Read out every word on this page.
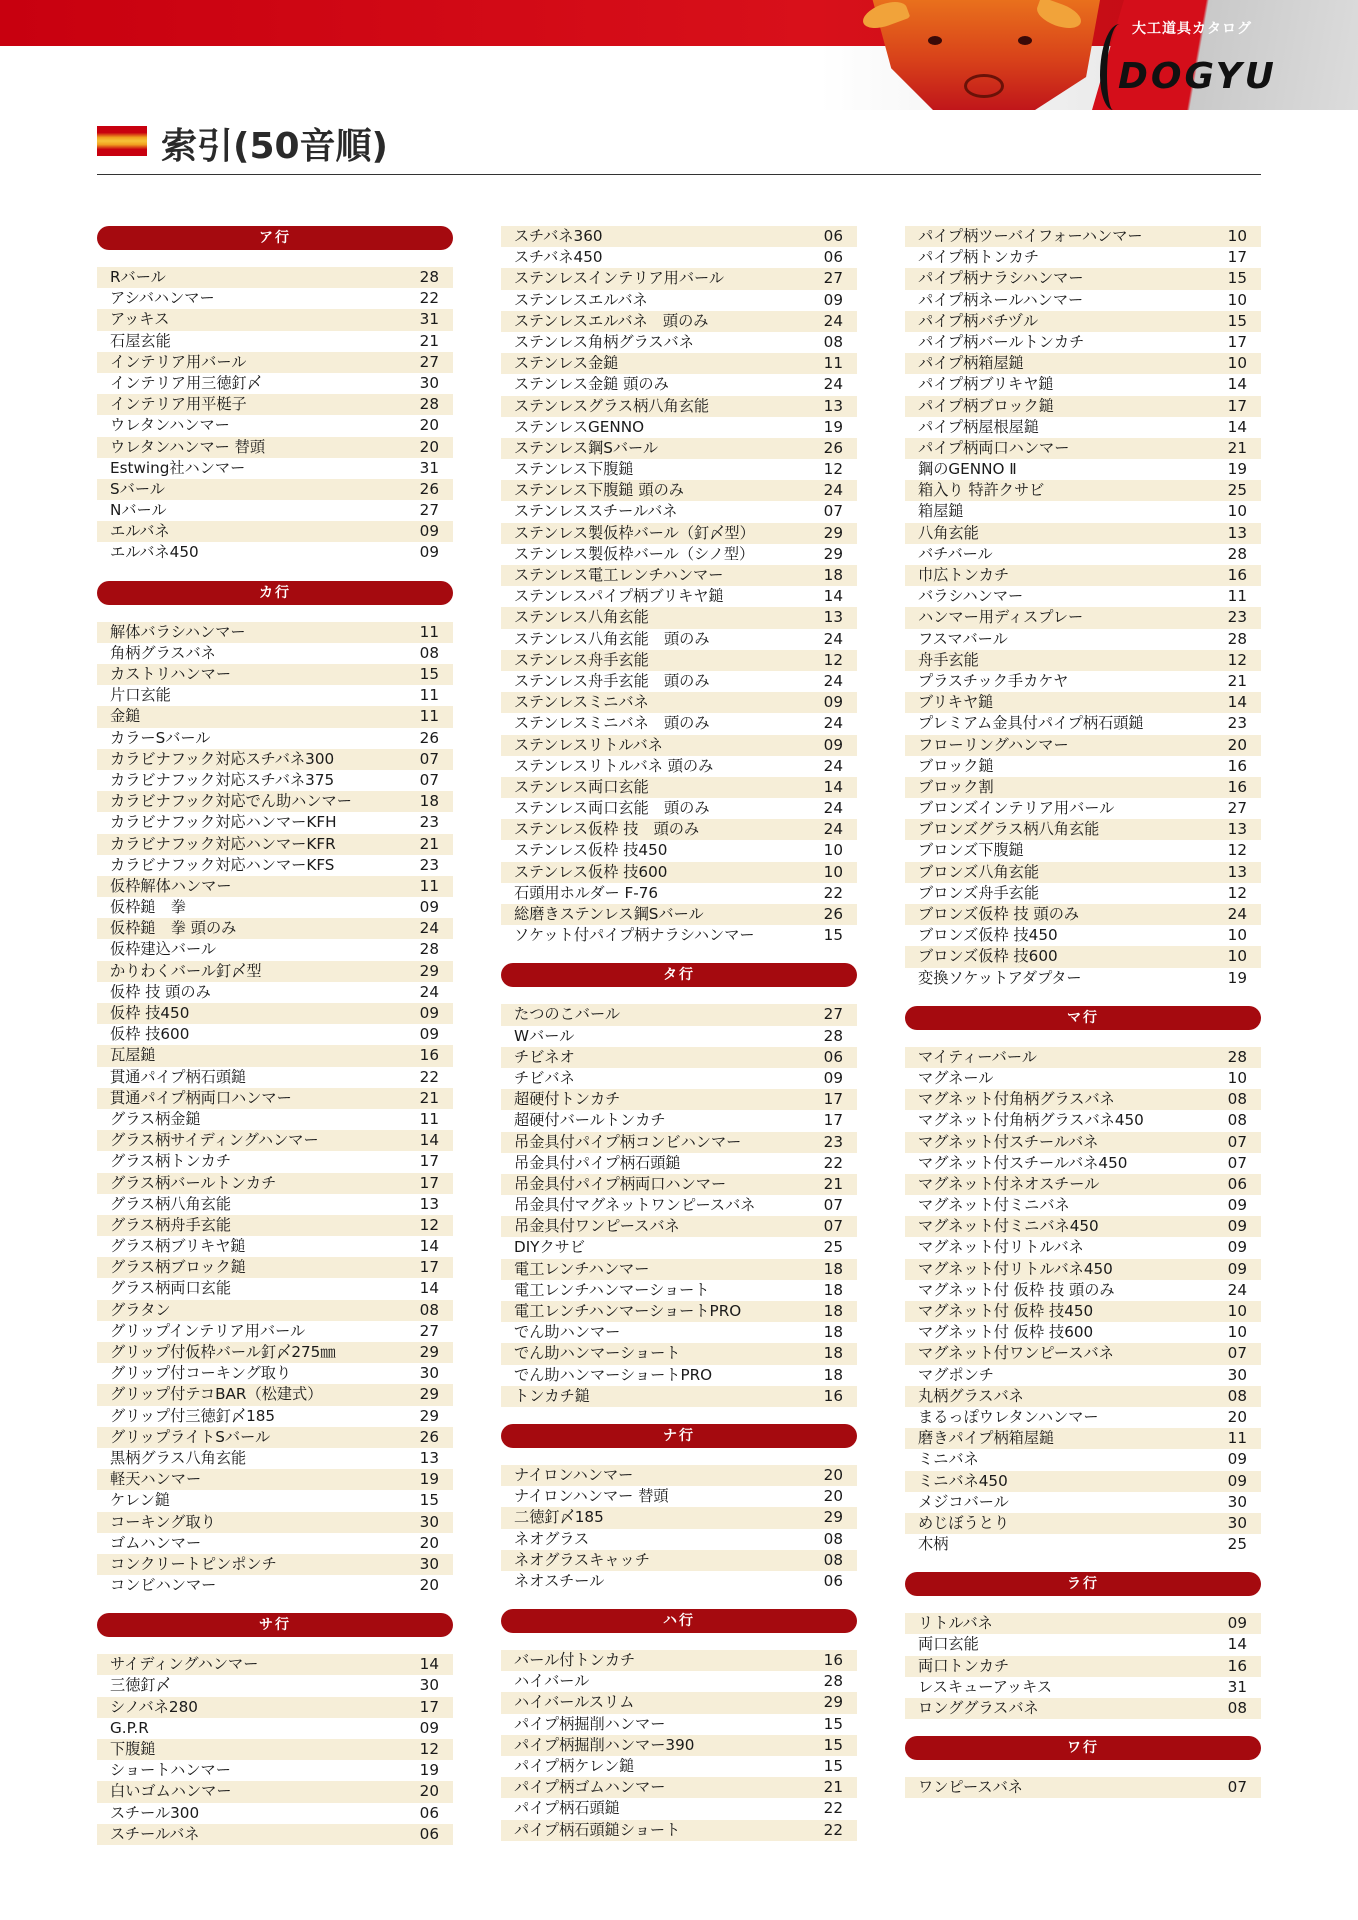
大工道具カタログ
DOGYU
索引(50音順)
ア行
Rバール	28
アシバハンマー	22
アッキス	31
石屋玄能	21
インテリア用バール	27
インテリア用三徳釘〆	30
インテリア用平梃子	28
ウレタンハンマー	20
ウレタンハンマー 替頭	20
Estwing社ハンマー	31
Sバール	26
Nバール	27
エルバネ	09
エルバネ450	09
カ行
解体バラシハンマー	11
角柄グラスバネ	08
カストリハンマー	15
片口玄能	11
金鎚	11
カラーSバール	26
カラビナフック対応スチバネ300	07
カラビナフック対応スチバネ375	07
カラビナフック対応でん助ハンマー	18
カラビナフック対応ハンマーKFH	23
カラビナフック対応ハンマーKFR	21
カラビナフック対応ハンマーKFS	23
仮枠解体ハンマー	11
仮枠鎚　拳	09
仮枠鎚　拳 頭のみ	24
仮枠建込バール	28
かりわくバール釘〆型	29
仮枠 技 頭のみ	24
仮枠 技450	09
仮枠 技600	09
瓦屋鎚	16
貫通パイプ柄石頭鎚	22
貫通パイプ柄両口ハンマー	21
グラス柄金鎚	11
グラス柄サイディングハンマー	14
グラス柄トンカチ	17
グラス柄バールトンカチ	17
グラス柄八角玄能	13
グラス柄舟手玄能	12
グラス柄ブリキヤ鎚	14
グラス柄ブロック鎚	17
グラス柄両口玄能	14
グラタン	08
グリップインテリア用バール	27
グリップ付仮枠バール釘〆275㎜	29
グリップ付コーキング取り	30
グリップ付テコBAR（松建式）	29
グリップ付三徳釘〆185	29
グリップライトSバール	26
黒柄グラス八角玄能	13
軽天ハンマー	19
ケレン鎚	15
コーキング取り	30
ゴムハンマー	20
コンクリートピンポンチ	30
コンビハンマー	20
サ行
サイディングハンマー	14
三徳釘〆	30
シノバネ280	17
G.P.R	09
下腹鎚	12
ショートハンマー	19
白いゴムハンマー	20
スチール300	06
スチールバネ	06
スチバネ360	06
スチバネ450	06
ステンレスインテリア用バール	27
ステンレスエルバネ	09
ステンレスエルバネ　頭のみ	24
ステンレス角柄グラスバネ	08
ステンレス金鎚	11
ステンレス金鎚 頭のみ	24
ステンレスグラス柄八角玄能	13
ステンレスGENNO	19
ステンレス鋼Sバール	26
ステンレス下腹鎚	12
ステンレス下腹鎚 頭のみ	24
ステンレススチールバネ	07
ステンレス製仮枠バール（釘〆型）	29
ステンレス製仮枠バール（シノ型）	29
ステンレス電工レンチハンマー	18
ステンレスパイプ柄ブリキヤ鎚	14
ステンレス八角玄能	13
ステンレス八角玄能　頭のみ	24
ステンレス舟手玄能	12
ステンレス舟手玄能　頭のみ	24
ステンレスミニバネ	09
ステンレスミニバネ　頭のみ	24
ステンレスリトルバネ	09
ステンレスリトルバネ 頭のみ	24
ステンレス両口玄能	14
ステンレス両口玄能　頭のみ	24
ステンレス仮枠 技　頭のみ	24
ステンレス仮枠 技450	10
ステンレス仮枠 技600	10
石頭用ホルダー F-76	22
総磨きステンレス鋼Sバール	26
ソケット付パイプ柄ナラシハンマー	15
タ行
たつのこバール	27
Wバール	28
チビネオ	06
チビバネ	09
超硬付トンカチ	17
超硬付バールトンカチ	17
吊金具付パイプ柄コンビハンマー	23
吊金具付パイプ柄石頭鎚	22
吊金具付パイプ柄両口ハンマー	21
吊金具付マグネットワンピースバネ	07
吊金具付ワンピースバネ	07
DIYクサビ	25
電工レンチハンマー	18
電工レンチハンマーショート	18
電工レンチハンマーショートPRO	18
でん助ハンマー	18
でん助ハンマーショート	18
でん助ハンマーショートPRO	18
トンカチ鎚	16
ナ行
ナイロンハンマー	20
ナイロンハンマー 替頭	20
二徳釘〆185	29
ネオグラス	08
ネオグラスキャッチ	08
ネオスチール	06
ハ行
バール付トンカチ	16
ハイバール	28
ハイバールスリム	29
パイプ柄掘削ハンマー	15
パイプ柄掘削ハンマー390	15
パイプ柄ケレン鎚	15
パイプ柄ゴムハンマー	21
パイプ柄石頭鎚	22
パイプ柄石頭鎚ショート	22
パイプ柄ツーバイフォーハンマー	10
パイプ柄トンカチ	17
パイプ柄ナラシハンマー	15
パイプ柄ネールハンマー	10
パイプ柄バチヅル	15
パイプ柄バールトンカチ	17
パイプ柄箱屋鎚	10
パイプ柄ブリキヤ鎚	14
パイプ柄ブロック鎚	17
パイプ柄屋根屋鎚	14
パイプ柄両口ハンマー	21
鋼のGENNO Ⅱ	19
箱入り 特許クサビ	25
箱屋鎚	10
八角玄能	13
バチバール	28
巾広トンカチ	16
バラシハンマー	11
ハンマー用ディスプレー	23
フスマバール	28
舟手玄能	12
プラスチック手カケヤ	21
ブリキヤ鎚	14
プレミアム金具付パイプ柄石頭鎚	23
フローリングハンマー	20
ブロック鎚	16
ブロック割	16
ブロンズインテリア用バール	27
ブロンズグラス柄八角玄能	13
ブロンズ下腹鎚	12
ブロンズ八角玄能	13
ブロンズ舟手玄能	12
ブロンズ仮枠 技 頭のみ	24
ブロンズ仮枠 技450	10
ブロンズ仮枠 技600	10
変換ソケットアダプター	19
マ行
マイティーバール	28
マグネール	10
マグネット付角柄グラスバネ	08
マグネット付角柄グラスバネ450	08
マグネット付スチールバネ	07
マグネット付スチールバネ450	07
マグネット付ネオスチール	06
マグネット付ミニバネ	09
マグネット付ミニバネ450	09
マグネット付リトルバネ	09
マグネット付リトルバネ450	09
マグネット付 仮枠 技 頭のみ	24
マグネット付 仮枠 技450	10
マグネット付 仮枠 技600	10
マグネット付ワンピースバネ	07
マグポンチ	30
丸柄グラスバネ	08
まるっぽウレタンハンマー	20
磨きパイプ柄箱屋鎚	11
ミニバネ	09
ミニバネ450	09
メジコバール	30
めじぼうとり	30
木柄	25
ラ行
リトルバネ	09
両口玄能	14
両口トンカチ	16
レスキューアッキス	31
ロンググラスバネ	08
ワ行
ワンピースバネ	07
